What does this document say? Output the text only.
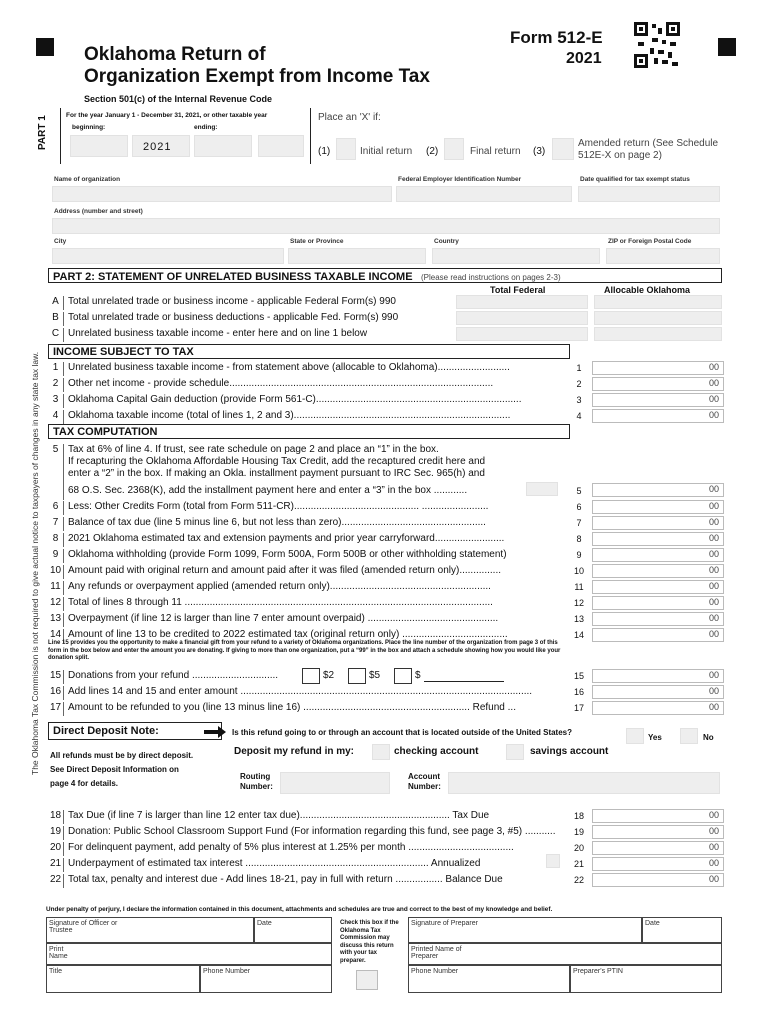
Form 512-E
2021
Oklahoma Return of
Organization Exempt from Income Tax
Section 501(c) of the Internal Revenue Code
PART 1	For the year January 1 - December 31, 2021, or other taxable year
beginning:	ending:
2021
Place an 'X' if:
(1)	Initial return (2)	Final return (3)
Amended return (See Schedule
512E-X on page 2)
Name of organization	Federal Employer Identification Number	Date qualified for tax exempt status
Address (number and street)
City	State or Province	Country	ZIP or Foreign Postal Code
The Oklahoma Tax Commission is not required to give actual notice to taxpayers of changes in any state tax law.
PART 2: STATEMENT OF UNRELATED BUSINESS TAXABLE INCOME (Please read instructions on pages 2-3)
Total Federal	Allocable Oklahoma
A Total unrelated trade or business income - applicable Federal Form(s) 990
B Total unrelated trade or business deductions - applicable Fed. Form(s) 990
C Unrelated business taxable income - enter here and on line 1 below
INCOME SUBJECT TO TAX
1 Unrelated business taxable income - from statement above (allocable to Oklahoma)..........................	1	00
2 Other net income - provide schedule...............................................................................................	2	00
3 Oklahoma Capital Gain deduction (provide Form 561-C)..........................................................................	3	00
4 Oklahoma taxable income (total of lines 1, 2 and 3)..............................................................................	4	00
TAX COMPUTATION
5 Tax at 6% of line 4. If trust, see rate schedule on page 2 and place an “1” in the box.
If recapturing the Oklahoma Affordable Housing Tax Credit, add the recaptured credit here and
enter a “2” in the box. If making an Okla. installment payment pursuant to IRC Sec. 965(h) and
68 O.S. Sec. 2368(K), add the installment payment here and enter a “3” in the box ............	5	00
6 Less: Other Credits Form (total from Form 511-CR)............................................. ........................	6	00
7 Balance of tax due (line 5 minus line 6, but not less than zero)....................................................	7	00
8 2021 Oklahoma estimated tax and extension payments and prior year carryforward.........................	8	00
9 Oklahoma withholding (provide Form 1099, Form 500A, Form 500B or other withholding statement)	9	00
10 Amount paid with original return and amount paid after it was filed (amended return only)...............	10	00
11 Any refunds or overpayment applied (amended return only)..........................................................	11	00
12 Total of lines 8 through 11 ...............................................................................................................	12	00
13 Overpayment (if line 12 is larger than line 7 enter amount overpaid) ...............................................	13	00
14 Amount of line 13 to be credited to 2022 estimated tax (original return only) ......................................	14	00
Line 15 provides you the opportunity to make a financial gift from your refund to a variety of Oklahoma organizations. Place the line number of the organization from page 3 of this form in the box below and enter the amount you are donating. If giving to more than one organization, put a “99” in the box and attach a schedule showing how you would like your donation split.
15 Donations from your refund ...............................	15	00
16 Add lines 14 and 15 and enter amount .........................................................................................................	16	00
17 Amount to be refunded to you (line 13 minus line 16) ............................................................ Refund ...	17	00
$2	$5	$
Direct Deposit Note:
All refunds must be by direct deposit.
See Direct Deposit Information on
page 4 for details.
Is this refund going to or through an account that is located outside of the United States?
Yes	No
Deposit my refund in my:	checking account	savings account
Routing
Number:
Account
Number:
18 Tax Due (if line 7 is larger than line 12 enter tax due)...................................................... Tax Due	18	00
19 Donation: Public School Classroom Support Fund (For information regarding this fund, see page 3, #5) ...........	19	00
20 For delinquent payment, add penalty of 5% plus interest at 1.25% per month ......................................	20	00
21 Underpayment of estimated tax interest .................................................................. Annualized	21	00
22 Total tax, penalty and interest due - Add lines 18-21, pay in full with return ................. Balance Due	22	00
Under penalty of perjury, I declare the information contained in this document, attachments and schedules are true and correct to the best of my knowledge and belief.
Signature of Officer or Trustee
Date
Print Name
Title	Phone Number
Check this box if the Oklahoma Tax Commission may discuss this return with your tax preparer.
Signature of Preparer	Date
Printed Name of Preparer
Phone Number	Preparer's PTIN
